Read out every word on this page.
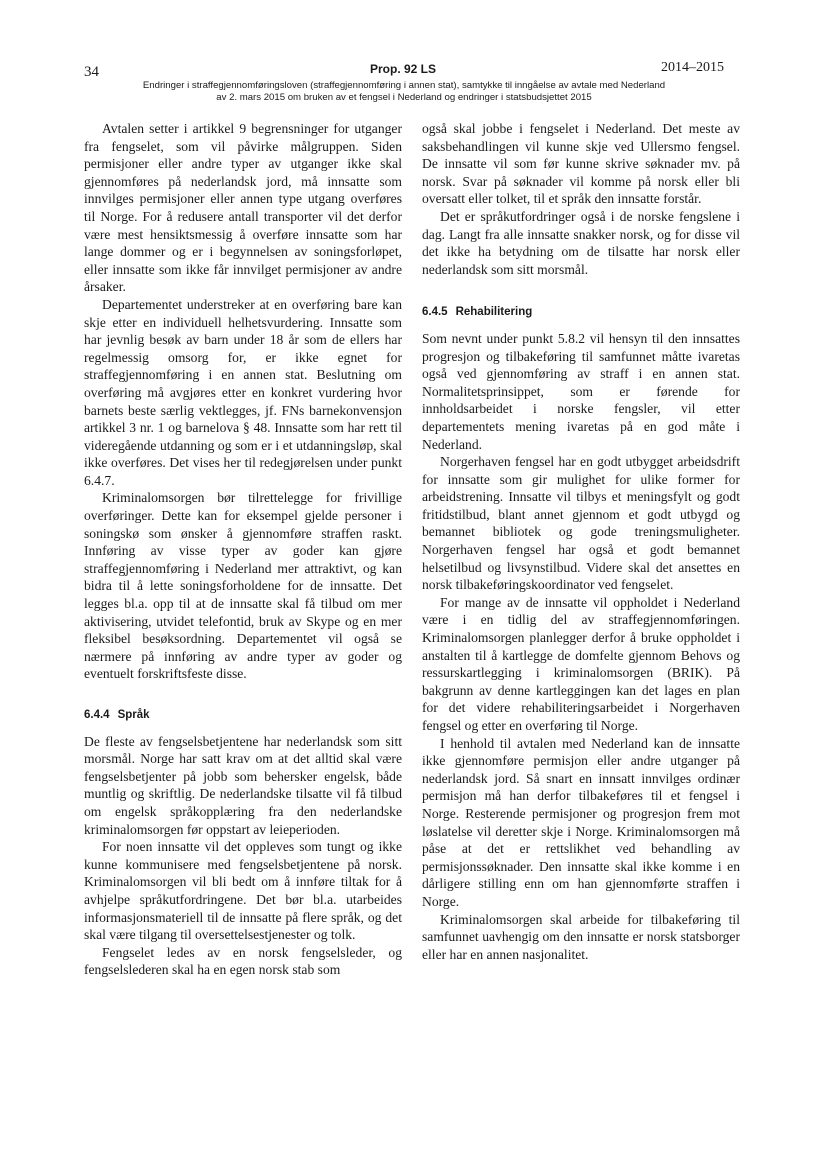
34	Prop. 92 LS	2014–2015
Endringer i straffegjennomføringsloven (straffegjennomføring i annen stat), samtykke til inngåelse av avtale med Nederland
av 2. mars 2015 om bruken av et fengsel i Nederland og endringer i statsbudsjettet 2015

Avtalen setter i artikkel 9 begrensninger for utganger fra fengselet, som vil påvirke målgruppen. Siden permisjoner eller andre typer av utganger ikke skal gjennomføres på nederlandsk jord, må innsatte som innvilges permisjoner eller annen type utgang overføres til Norge. For å redusere antall transporter vil det derfor være mest hensiktsmessig å overføre innsatte som har lange dommer og er i begynnelsen av soningsforløpet, eller innsatte som ikke får innvilget permisjoner av andre årsaker.

Departementet understreker at en overføring bare kan skje etter en individuell helhetsvurdering. Innsatte som har jevnlig besøk av barn under 18 år som de ellers har regelmessig omsorg for, er ikke egnet for straffegjennomføring i en annen stat. Beslutning om overføring må avgjøres etter en konkret vurdering hvor barnets beste særlig vektlegges, jf. FNs barnekonvensjon artikkel 3 nr. 1 og barnelova § 48. Innsatte som har rett til videregående utdanning og som er i et utdanningsløp, skal ikke overføres. Det vises her til redegjørelsen under punkt 6.4.7.

Kriminalomsorgen bør tilrettelegge for frivillige overføringer. Dette kan for eksempel gjelde personer i soningskø som ønsker å gjennomføre straffen raskt. Innføring av visse typer av goder kan gjøre straffegjennomføring i Nederland mer attraktivt, og kan bidra til å lette soningsforholdene for de innsatte. Det legges bl.a. opp til at de innsatte skal få tilbud om mer aktivisering, utvidet telefontid, bruk av Skype og en mer fleksibel besøksordning. Departementet vil også se nærmere på innføring av andre typer av goder og eventuelt forskriftsfeste disse.

6.4.4 Språk

De fleste av fengselsbetjentene har nederlandsk som sitt morsmål. Norge har satt krav om at det alltid skal være fengselsbetjenter på jobb som behersker engelsk, både muntlig og skriftlig. De nederlandske tilsatte vil få tilbud om engelsk språkopplæring fra den nederlandske kriminalomsorgen før oppstart av leieperioden.

For noen innsatte vil det oppleves som tungt og ikke kunne kommunisere med fengselsbetjentene på norsk. Kriminalomsorgen vil bli bedt om å innføre tiltak for å avhjelpe språkutfordringene. Det bør bl.a. utarbeides informasjonsmateriell til de innsatte på flere språk, og det skal være tilgang til oversettelsestjenester og tolk.

Fengselet ledes av en norsk fengselsleder, og fengselslederen skal ha en egen norsk stab som

også skal jobbe i fengselet i Nederland. Det meste av saksbehandlingen vil kunne skje ved Ullersmo fengsel. De innsatte vil som før kunne skrive søknader mv. på norsk. Svar på søknader vil komme på norsk eller bli oversatt eller tolket, til et språk den innsatte forstår.

Det er språkutfordringer også i de norske fengslene i dag. Langt fra alle innsatte snakker norsk, og for disse vil det ikke ha betydning om de tilsatte har norsk eller nederlandsk som sitt morsmål.

6.4.5 Rehabilitering

Som nevnt under punkt 5.8.2 vil hensyn til den innsattes progresjon og tilbakeføring til samfunnet måtte ivaretas også ved gjennomføring av straff i en annen stat. Normalitetsprinsippet, som er førende for innholdsarbeidet i norske fengsler, vil etter departementets mening ivaretas på en god måte i Nederland.

Norgerhaven fengsel har en godt utbygget arbeidsdrift for innsatte som gir mulighet for ulike former for arbeidstrening. Innsatte vil tilbys et meningsfylt og godt fritidstilbud, blant annet gjennom et godt utbygd og bemannet bibliotek og gode treningsmuligheter. Norgerhaven fengsel har også et godt bemannet helsetilbud og livsynstilbud. Videre skal det ansettes en norsk tilbakeføringskoordinator ved fengselet.

For mange av de innsatte vil oppholdet i Nederland være i en tidlig del av straffegjennomføringen. Kriminalomsorgen planlegger derfor å bruke oppholdet i anstalten til å kartlegge de domfelte gjennom Behovs og ressurskartlegging i kriminalomsorgen (BRIK). På bakgrunn av denne kartleggingen kan det lages en plan for det videre rehabiliteringsarbeidet i Norgerhaven fengsel og etter en overføring til Norge.

I henhold til avtalen med Nederland kan de innsatte ikke gjennomføre permisjon eller andre utganger på nederlandsk jord. Så snart en innsatt innvilges ordinær permisjon må han derfor tilbakeføres til et fengsel i Norge. Resterende permisjoner og progresjon frem mot løslatelse vil deretter skje i Norge. Kriminalomsorgen må påse at det er rettslikhet ved behandling av permisjonssøknader. Den innsatte skal ikke komme i en dårligere stilling enn om han gjennomførte straffen i Norge.

Kriminalomsorgen skal arbeide for tilbakeføring til samfunnet uavhengig om den innsatte er norsk statsborger eller har en annen nasjonalitet.
